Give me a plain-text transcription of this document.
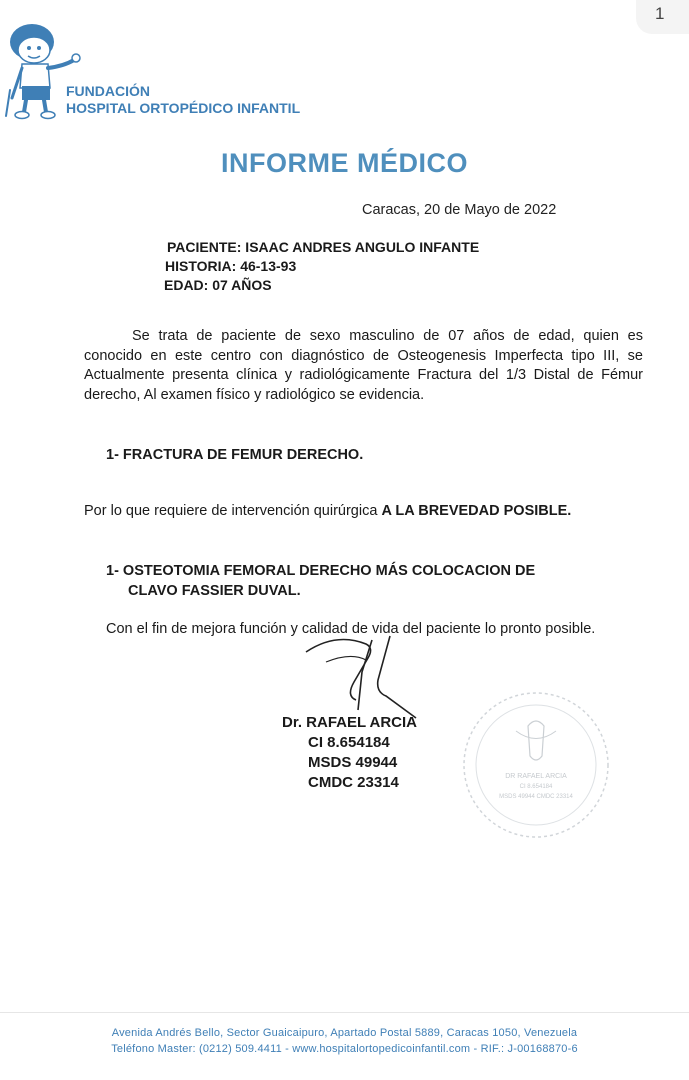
1
FUNDACIÓN
HOSPITAL ORTOPÉDICO INFANTIL
INFORME MÉDICO
Caracas, 20 de Mayo de 2022
PACIENTE: ISAAC ANDRES ANGULO INFANTE
HISTORIA: 46-13-93
EDAD: 07 AÑOS
Se trata de paciente de sexo masculino de 07 años de edad, quien es conocido en este centro con diagnóstico de Osteogenesis Imperfecta tipo III, se Actualmente presenta clínica y radiológicamente Fractura del 1/3 Distal de Fémur derecho, Al examen físico y radiológico se evidencia.
1- FRACTURA DE FEMUR DERECHO.
Por lo que requiere de intervención quirúrgica A LA BREVEDAD POSIBLE.
1- OSTEOTOMIA FEMORAL DERECHO MÁS COLOCACION DE
CLAVO FASSIER DUVAL.
Con el fin de mejora función y calidad de vida del paciente lo pronto posible.
Dr. RAFAEL ARCIA
CI 8.654184
MSDS 49944
CMDC 23314	DR RAFAEL ARCIA
CI 8.654184
MSDS 49944 CMDC 23314
Avenida Andrés Bello, Sector Guaicaipuro, Apartado Postal 5889, Caracas 1050, Venezuela
Teléfono Master: (0212) 509.4411 - www.hospitalortopedicoinfantil.com - RIF.: J-00168870-6
